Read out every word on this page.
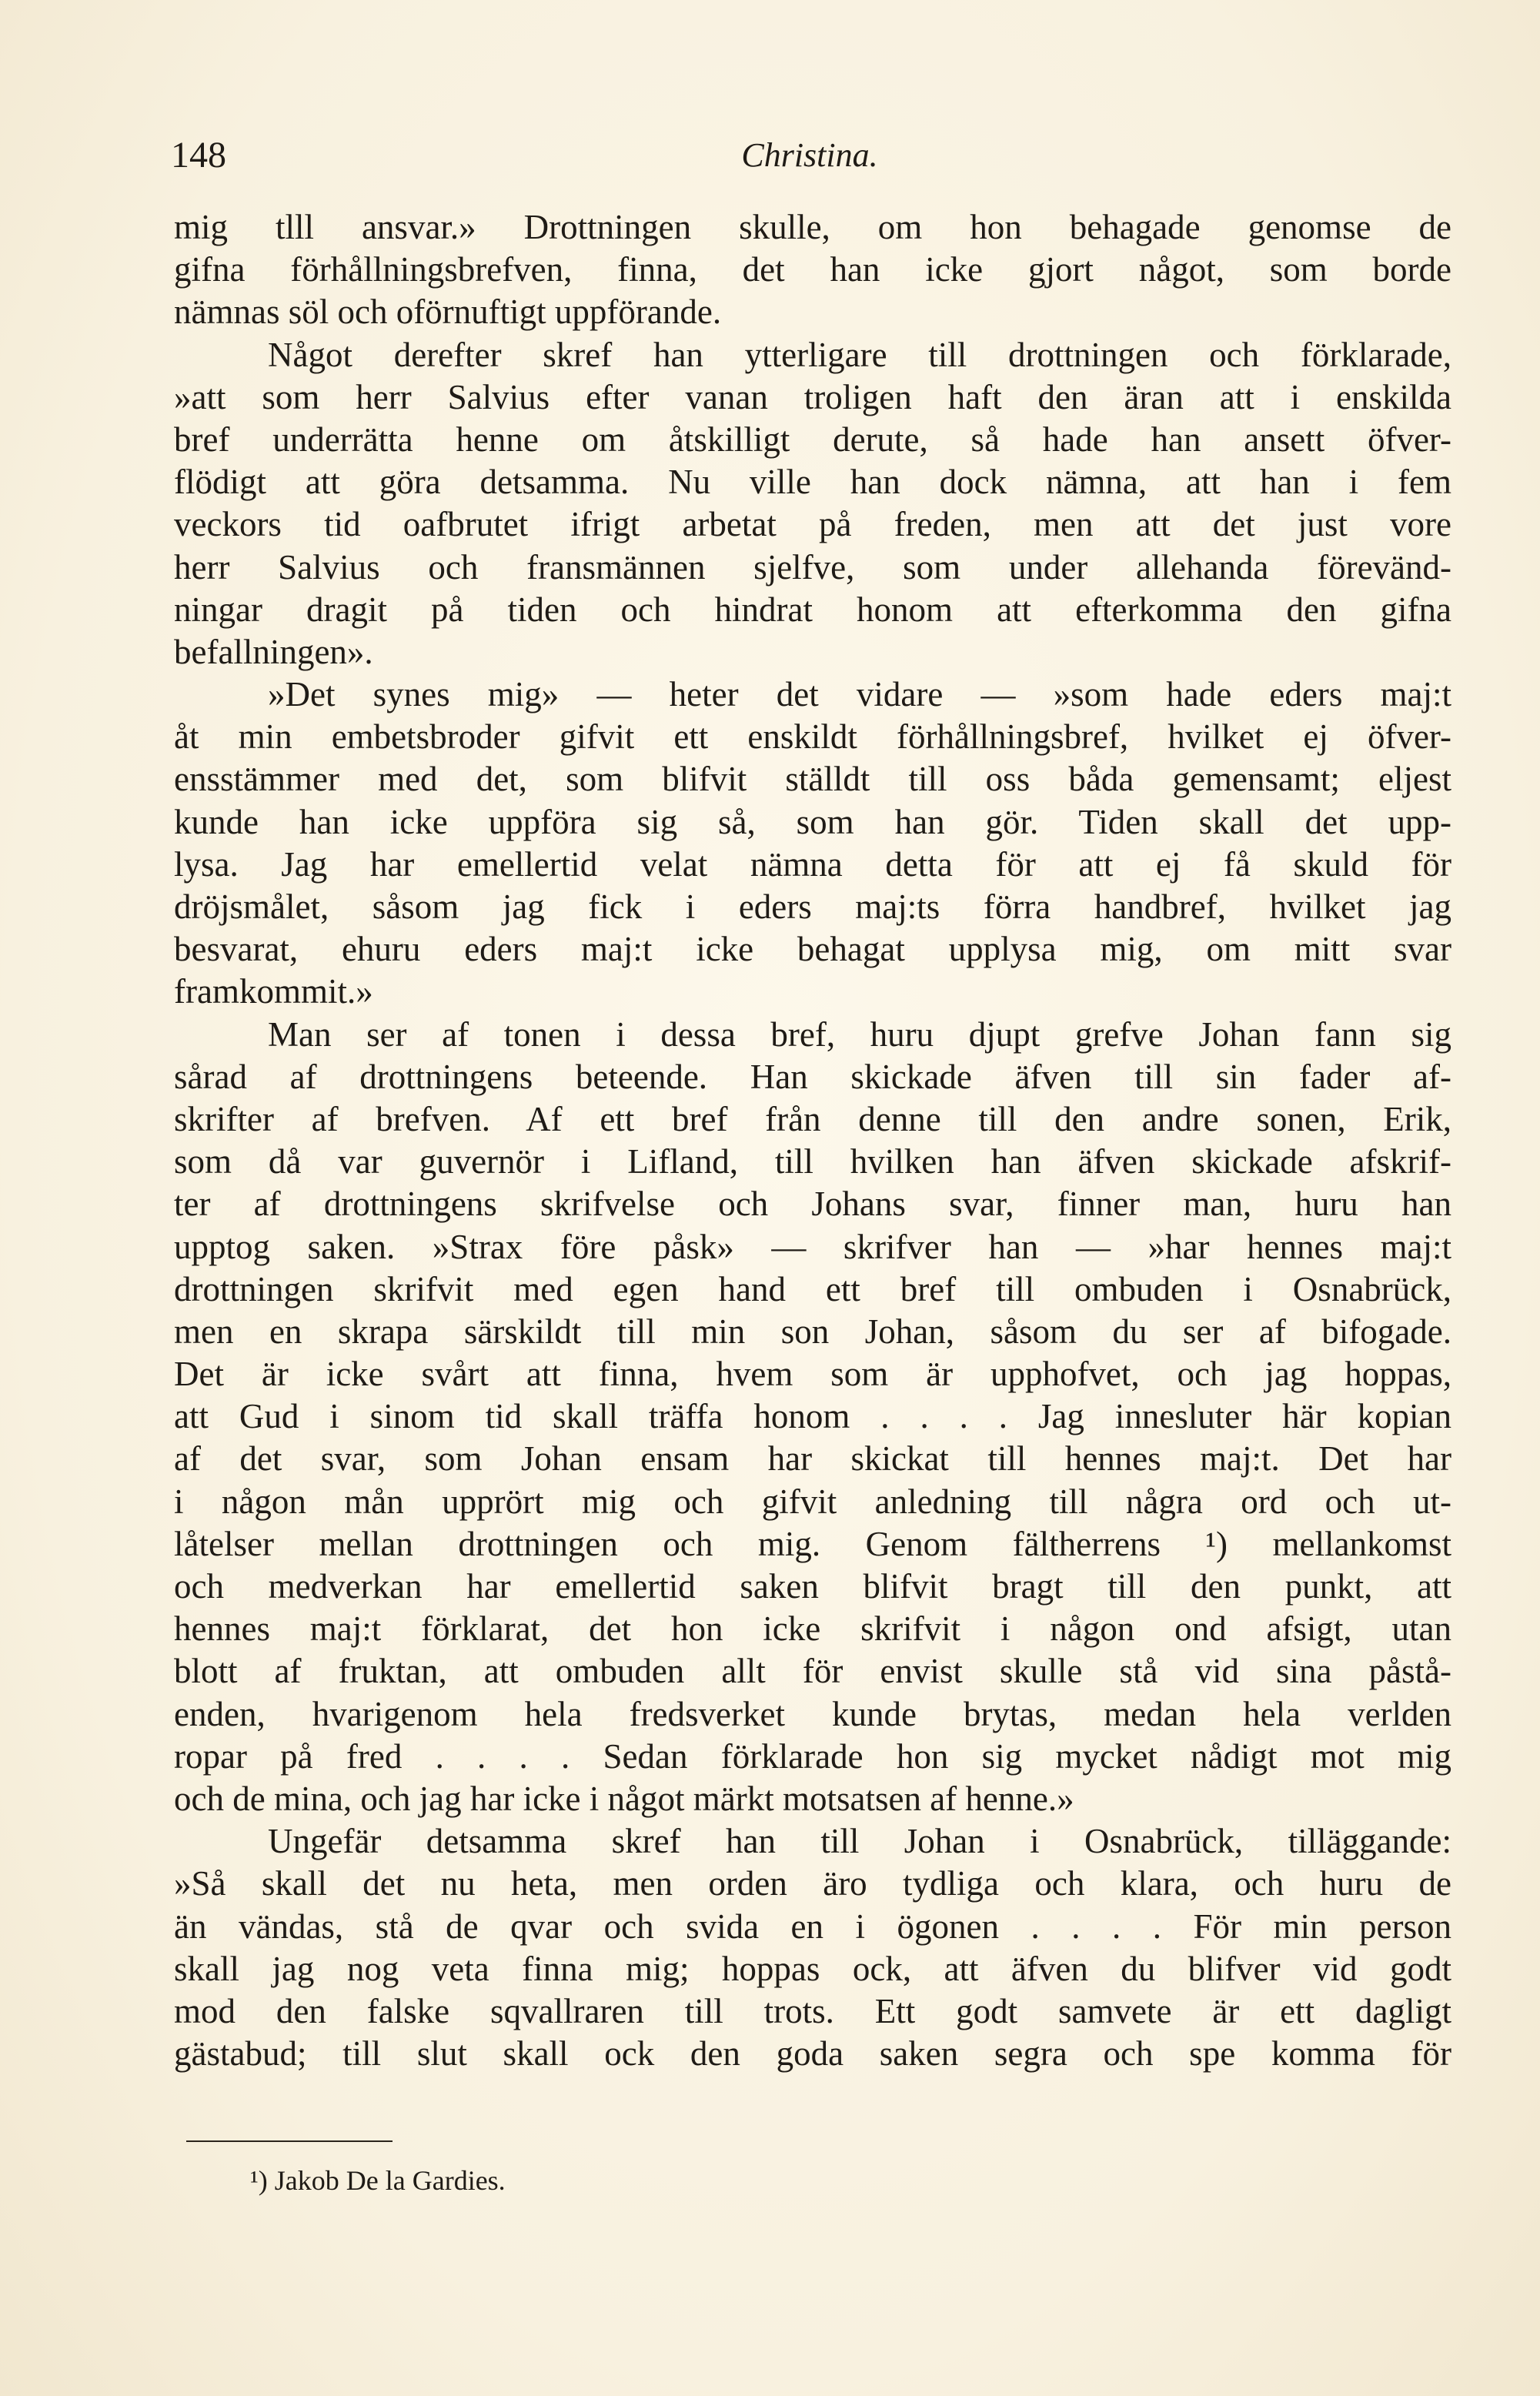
148	Christina.
mig tlll ansvar.» Drottningen skulle, om hon behagade genomse de
gifna förhållningsbrefven, finna, det han icke gjort något, som borde
nämnas söl och oförnuftigt uppförande.
Något derefter skref han ytterligare till drottningen och förklarade,
»att som herr Salvius efter vanan troligen haft den äran att i enskilda
bref underrätta henne om åtskilligt derute, så hade han ansett öfver-
flödigt att göra detsamma. Nu ville han dock nämna, att han i fem
veckors tid oafbrutet ifrigt arbetat på freden, men att det just vore
herr Salvius och fransmännen sjelfve, som under allehanda förevänd-
ningar dragit på tiden och hindrat honom att efterkomma den gifna
befallningen».
»Det synes mig» — heter det vidare — »som hade eders maj:t
åt min embetsbroder gifvit ett enskildt förhållningsbref, hvilket ej öfver-
ensstämmer med det, som blifvit ställdt till oss båda gemensamt; eljest
kunde han icke uppföra sig så, som han gör. Tiden skall det upp-
lysa. Jag har emellertid velat nämna detta för att ej få skuld för
dröjsmålet, såsom jag fick i eders maj:ts förra handbref, hvilket jag
besvarat, ehuru eders maj:t icke behagat upplysa mig, om mitt svar
framkommit.»
Man ser af tonen i dessa bref, huru djupt grefve Johan fann sig
sårad af drottningens beteende. Han skickade äfven till sin fader af-
skrifter af brefven. Af ett bref från denne till den andre sonen, Erik,
som då var guvernör i Lifland, till hvilken han äfven skickade afskrif-
ter af drottningens skrifvelse och Johans svar, finner man, huru han
upptog saken. »Strax före påsk» — skrifver han — »har hennes maj:t
drottningen skrifvit med egen hand ett bref till ombuden i Osnabrück,
men en skrapa särskildt till min son Johan, såsom du ser af bifogade.
Det är icke svårt att finna, hvem som är upphofvet, och jag hoppas,
att Gud i sinom tid skall träffa honom . . . . Jag innesluter här kopian
af det svar, som Johan ensam har skickat till hennes maj:t. Det har
i någon mån upprört mig och gifvit anledning till några ord och ut-
låtelser mellan drottningen och mig. Genom fältherrens ¹) mellankomst
och medverkan har emellertid saken blifvit bragt till den punkt, att
hennes maj:t förklarat, det hon icke skrifvit i någon ond afsigt, utan
blott af fruktan, att ombuden allt för envist skulle stå vid sina påstå-
enden, hvarigenom hela fredsverket kunde brytas, medan hela verlden
ropar på fred . . . . Sedan förklarade hon sig mycket nådigt mot mig
och de mina, och jag har icke i något märkt motsatsen af henne.»
Ungefär detsamma skref han till Johan i Osnabrück, tilläggande:
»Så skall det nu heta, men orden äro tydliga och klara, och huru de
än vändas, stå de qvar och svida en i ögonen . . . . För min person
skall jag nog veta finna mig; hoppas ock, att äfven du blifver vid godt
mod den falske sqvallraren till trots. Ett godt samvete är ett dagligt
gästabud; till slut skall ock den goda saken segra och spe komma för
¹) Jakob De la Gardies.
